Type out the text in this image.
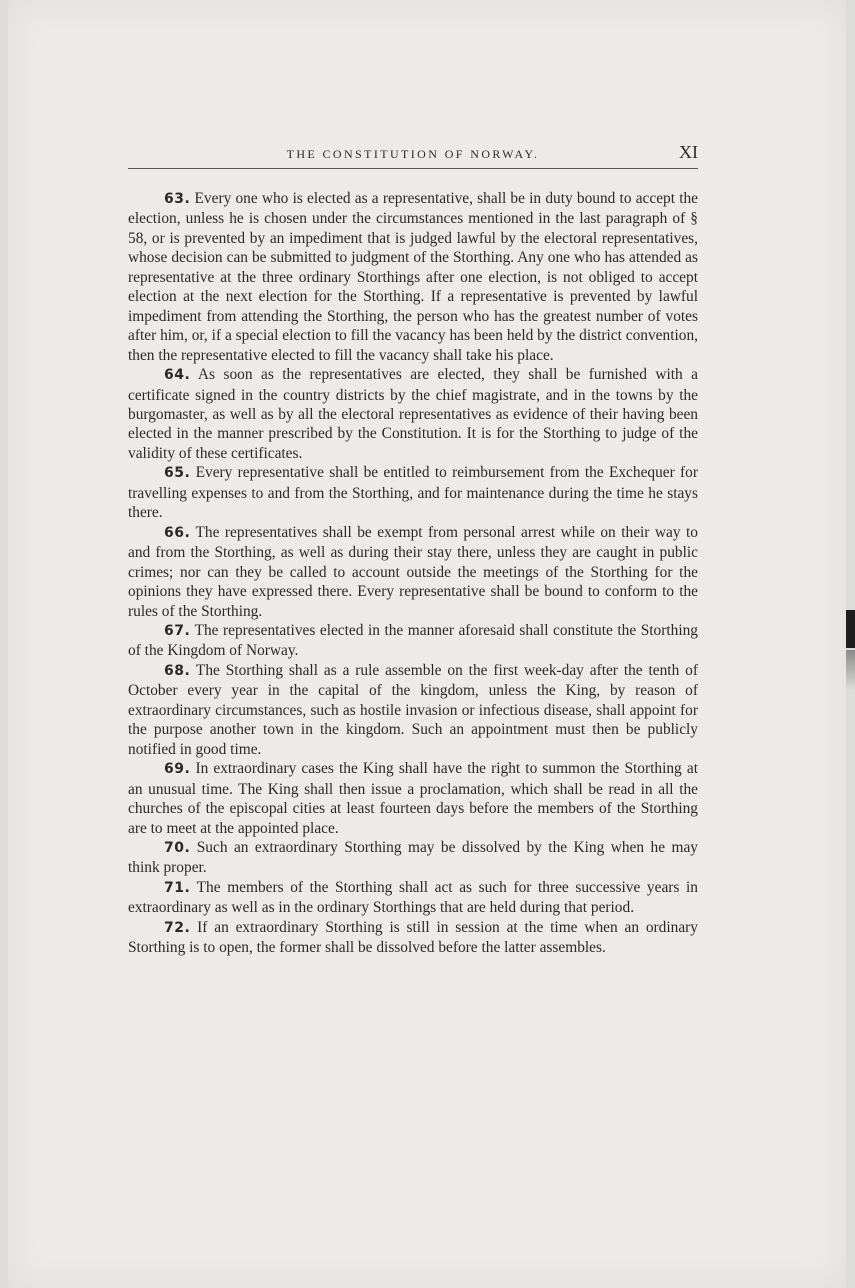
THE CONSTITUTION OF NORWAY.	XI

63. Every one who is elected as a representative, shall be in duty bound to accept the election, unless he is chosen under the circumstances mentioned in the last paragraph of § 58, or is prevented by an impediment that is judged lawful by the electoral representatives, whose decision can be submitted to judgment of the Storthing. Any one who has attended as representative at the three ordinary Storthings after one election, is not obliged to accept election at the next election for the Storthing. If a representative is prevented by lawful impediment from attending the Storthing, the person who has the greatest number of votes after him, or, if a special election to fill the vacancy has been held by the district convention, then the representative elected to fill the vacancy shall take his place.

64. As soon as the representatives are elected, they shall be furnished with a certificate signed in the country districts by the chief magistrate, and in the towns by the burgomaster, as well as by all the electoral representatives as evidence of their having been elected in the manner prescribed by the Constitution. It is for the Storthing to judge of the validity of these certificates.

65. Every representative shall be entitled to reimbursement from the Exchequer for travelling expenses to and from the Storthing, and for maintenance during the time he stays there.

66. The representatives shall be exempt from personal arrest while on their way to and from the Storthing, as well as during their stay there, unless they are caught in public crimes; nor can they be called to account outside the meetings of the Storthing for the opinions they have expressed there. Every representative shall be bound to conform to the rules of the Storthing.

67. The representatives elected in the manner aforesaid shall constitute the Storthing of the Kingdom of Norway.

68. The Storthing shall as a rule assemble on the first week-day after the tenth of October every year in the capital of the kingdom, unless the King, by reason of extraordinary circumstances, such as hostile invasion or infectious disease, shall appoint for the purpose another town in the kingdom. Such an appointment must then be publicly notified in good time.

69. In extraordinary cases the King shall have the right to summon the Storthing at an unusual time. The King shall then issue a proclamation, which shall be read in all the churches of the episcopal cities at least fourteen days before the members of the Storthing are to meet at the appointed place.

70. Such an extraordinary Storthing may be dissolved by the King when he may think proper.

71. The members of the Storthing shall act as such for three successive years in extraordinary as well as in the ordinary Storthings that are held during that period.

72. If an extraordinary Storthing is still in session at the time when an ordinary Storthing is to open, the former shall be dissolved before the latter assembles.
